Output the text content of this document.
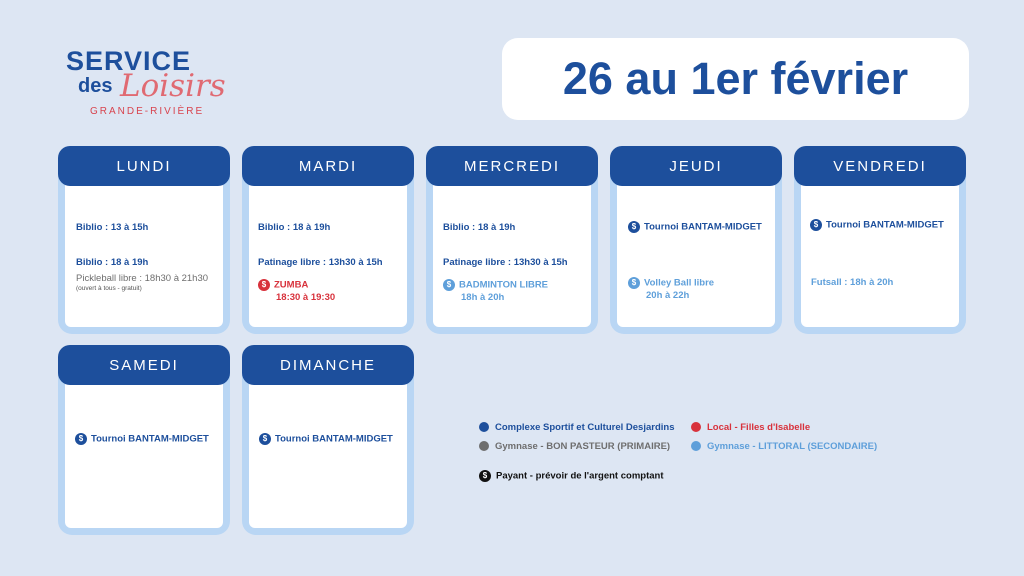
SERVICE
des Loisirs
GRANDE-RIVIÈRE
26 au 1er février
Biblio : 13 à 15h
Biblio : 18 à 19h
Pickleball libre : 18h30 à 21h30
(ouvert à tous - gratuit)
LUNDI
Biblio : 18 à 19h
Patinage libre : 13h30 à 15h
$ ZUMBA
18:30 à 19:30
MARDI
Biblio : 18 à 19h
Patinage libre : 13h30 à 15h
$ BADMINTON LIBRE
18h à 20h
MERCREDI
$ Tournoi BANTAM-MIDGET
$ Volley Ball libre
20h à 22h
JEUDI
$ Tournoi BANTAM-MIDGET
Futsall : 18h à 20h
VENDREDI
$ Tournoi BANTAM-MIDGET
SAMEDI
$ Tournoi BANTAM-MIDGET
DIMANCHE
Complexe Sportif et Culturel Desjardins	Local - Filles d'Isabelle
Gymnase - BON PASTEUR (PRIMAIRE)	Gymnase - LITTORAL (SECONDAIRE)
$ Payant - prévoir de l'argent comptant
